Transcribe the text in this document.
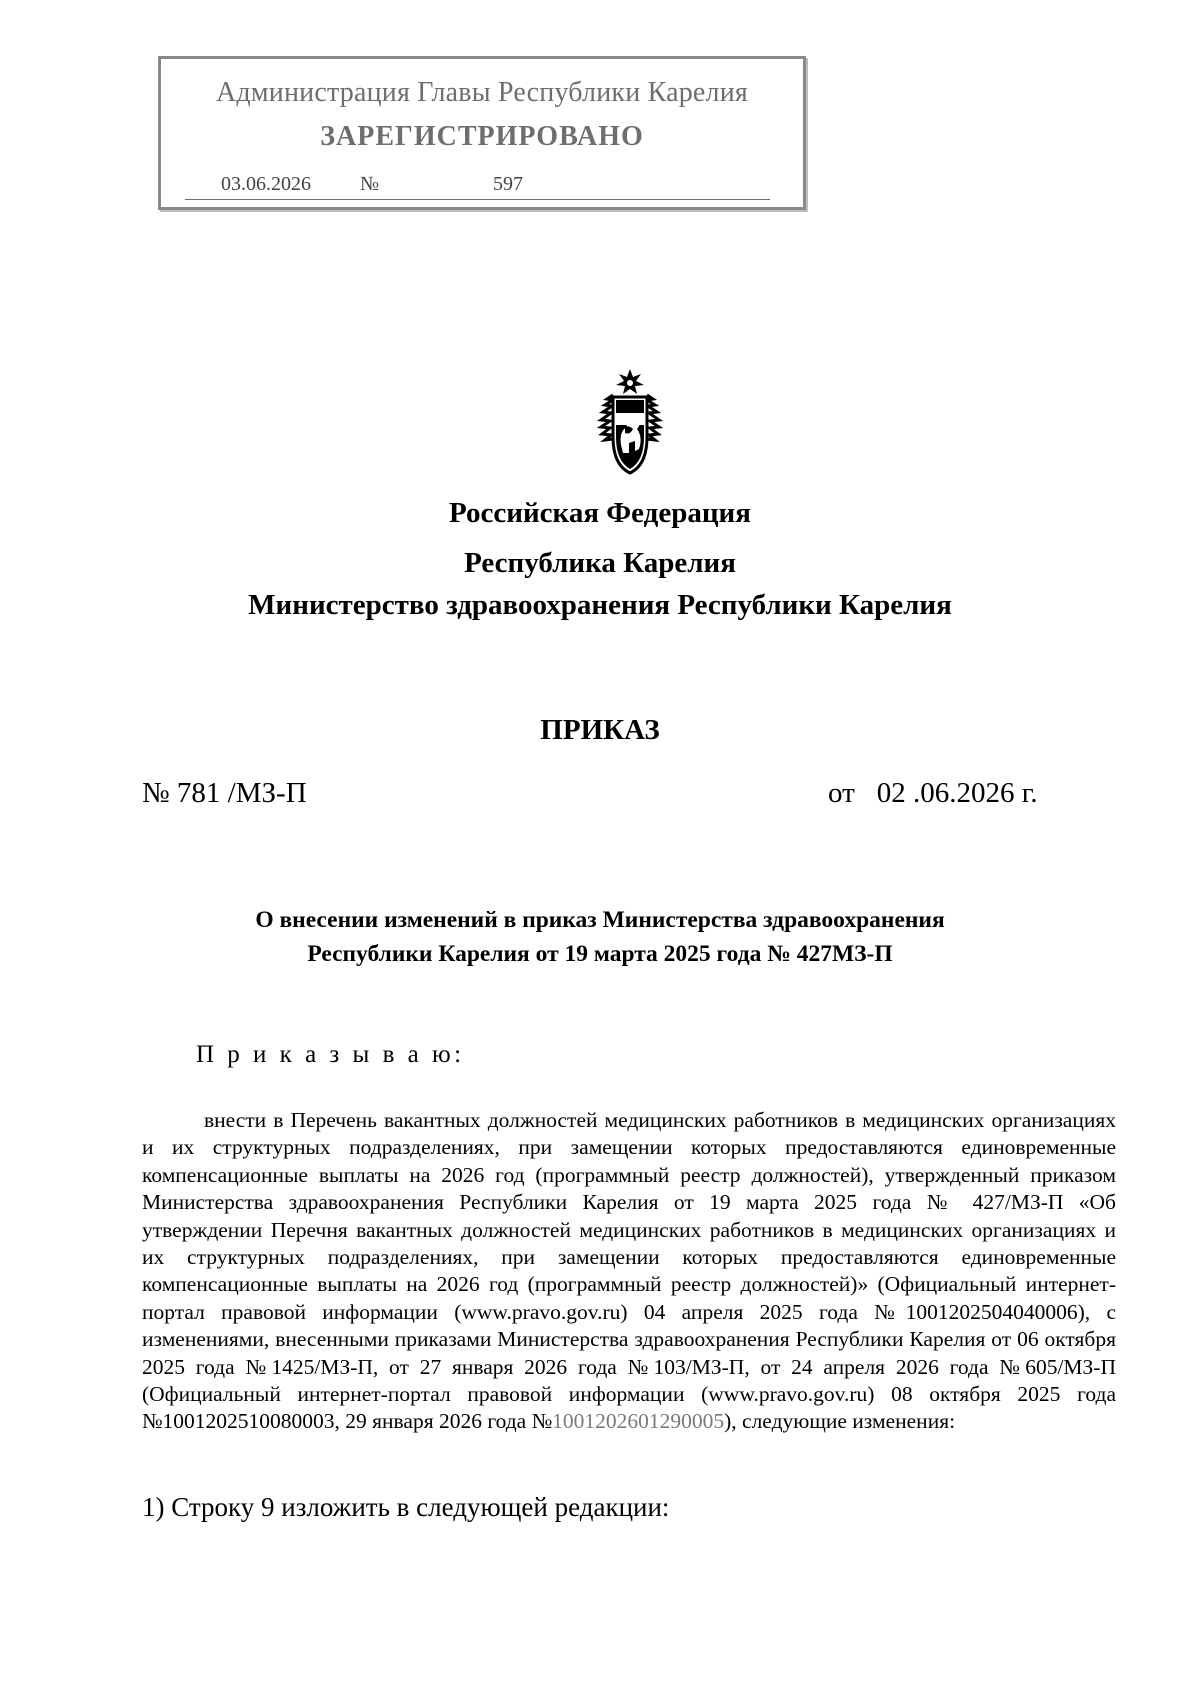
Администрация Главы Республики Карелия
ЗАРЕГИСТРИРОВАНО
03.06.2026 №	597
Российская Федерация
Республика Карелия
Министерство здравоохранения Республики Карелия
ПРИКАЗ
№ 781 /МЗ-П	от 02 .06.2026 г.
О внесении изменений в приказ Министерства здравоохранения
Республики Карелия от 19 марта 2025 года № 427МЗ-П
П р и к а з ы в а ю:
внести в Перечень вакантных должностей медицинских работников в медицинских организациях и их структурных подразделениях, при замещении которых предоставляются единовременные компенсационные выплаты на 2026 год (программный реестр должностей), утвержденный приказом Министерства здравоохранения Республики Карелия от 19 марта 2025 года № 427/МЗ-П «Об утверждении Перечня вакантных должностей медицинских работников в медицинских организациях и их структурных подразделениях, при замещении которых предоставляются единовременные компенсационные выплаты на 2026 год (программный реестр должностей)» (Официальный интернет-портал правовой информации (www.pravo.gov.ru) 04 апреля 2025 года №1001202504040006), с изменениями, внесенными приказами Министерства здравоохранения Республики Карелия от 06 октября 2025 года №1425/МЗ-П, от 27 января 2026 года №103/МЗ-П, от 24 апреля 2026 года №605/МЗ-П (Официальный интернет-портал правовой информации (www.pravo.gov.ru) 08 октября 2025 года №1001202510080003, 29 января 2026 года №1001202601290005), следующие изменения:
1) Строку 9 изложить в следующей редакции:
